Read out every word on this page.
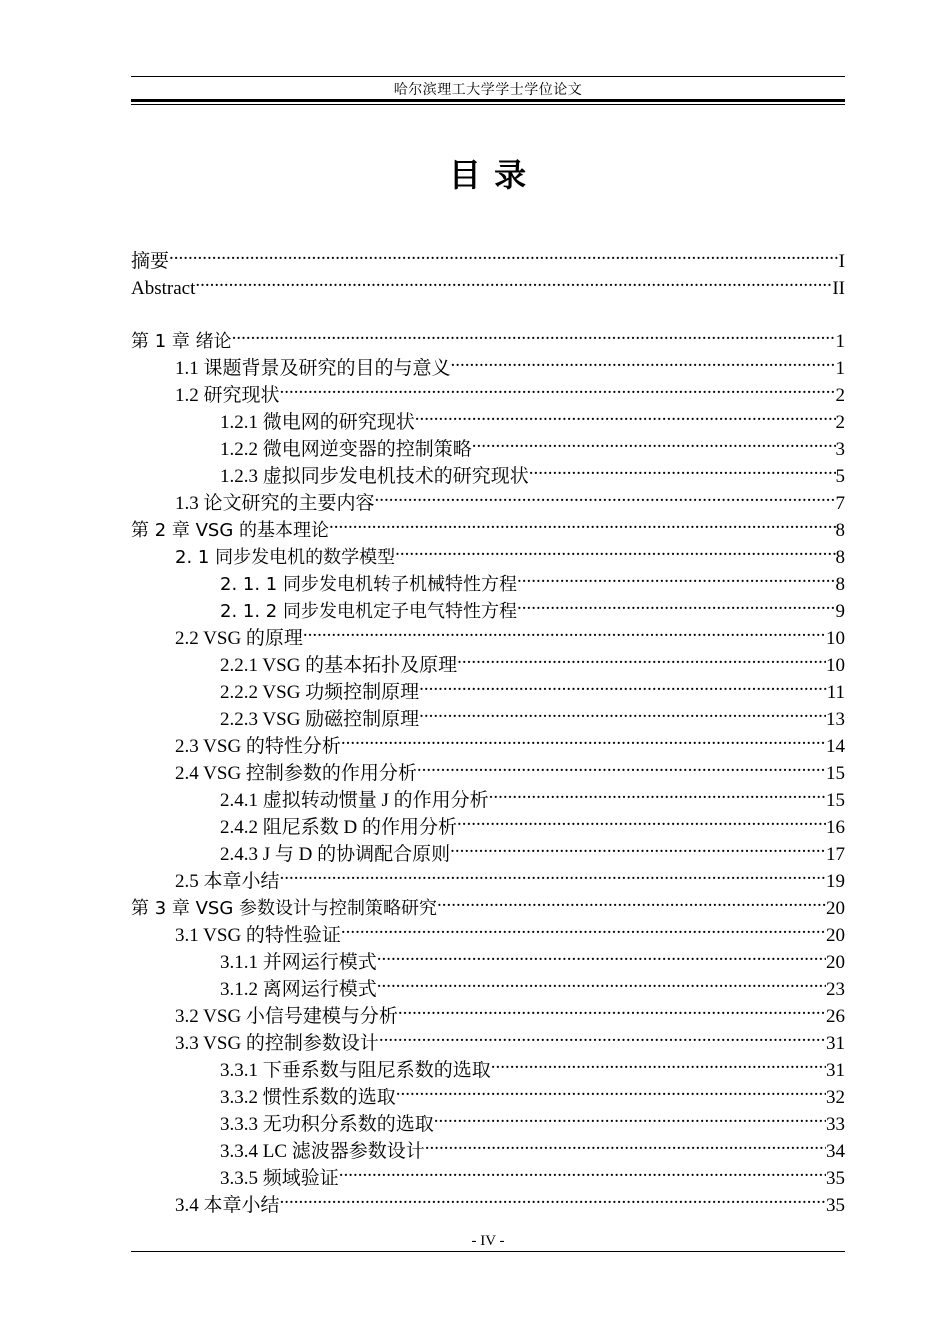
哈尔滨理工大学学士学位论文
目 录
摘要 .....	I
Abstract .....	II
第 1 章 绪论 .....	1
1.1 课题背景及研究的目的与意义 .....	1
1.2 研究现状 .....	2
1.2.1 微电网的研究现状 .....	2
1.2.2 微电网逆变器的控制策略 .....	3
1.2.3 虚拟同步发电机技术的研究现状 .....	5
1.3 论文研究的主要内容 .....	7
第 2 章 VSG 的基本理论 .....	8
2. 1 同步发电机的数学模型 .....	8
2. 1. 1 同步发电机转子机械特性方程 .....	8
2. 1. 2 同步发电机定子电气特性方程 .....	9
2.2 VSG 的原理 .....	10
2.2.1 VSG 的基本拓扑及原理 .....	10
2.2.2 VSG 功频控制原理 .....	11
2.2.3 VSG 励磁控制原理 .....	13
2.3 VSG 的特性分析 .....	14
2.4 VSG 控制参数的作用分析 .....	15
2.4.1 虚拟转动惯量 J 的作用分析 .....	15
2.4.2 阻尼系数 D 的作用分析 .....	16
2.4.3 J 与 D 的协调配合原则 .....	17
2.5 本章小结 .....	19
第 3 章 VSG 参数设计与控制策略研究 .....	20
3.1 VSG 的特性验证 .....	20
3.1.1 并网运行模式 .....	20
3.1.2 离网运行模式 .....	23
3.2 VSG 小信号建模与分析 .....	26
3.3 VSG 的控制参数设计 .....	31
3.3.1 下垂系数与阻尼系数的选取 .....	31
3.3.2 惯性系数的选取 .....	32
3.3.3 无功积分系数的选取 .....	33
3.3.4 LC 滤波器参数设计 .....	34
3.3.5 频域验证 .....	35
3.4 本章小结 .....	35
- IV -
